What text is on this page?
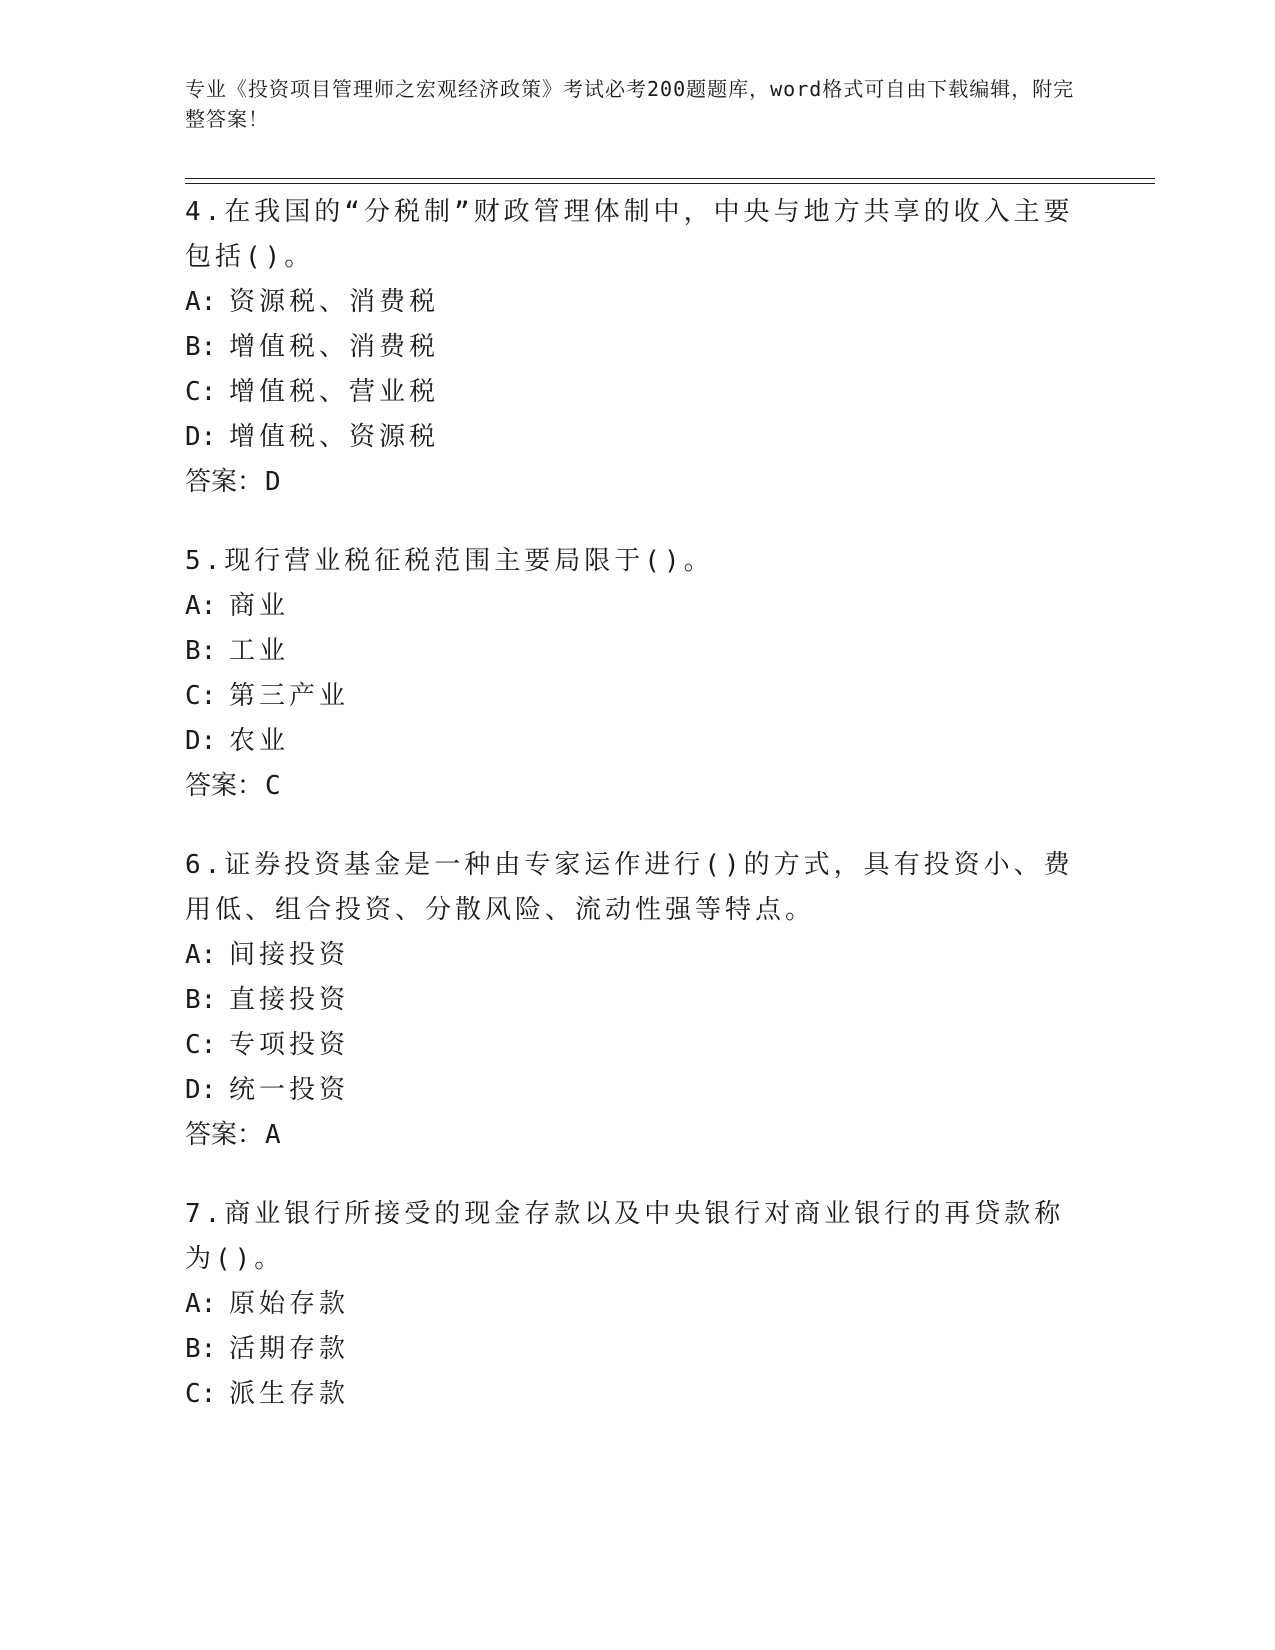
专业《投资项目管理师之宏观经济政策》考试必考200题题库，word格式可自由下载编辑，附完整答案！

4.在我国的“分税制”财政管理体制中，中央与地方共享的收入主要包括()。

A: 资源税、消费税

B: 增值税、消费税

C: 增值税、营业税

D: 增值税、资源税

答案：D

5.现行营业税征税范围主要局限于()。

A: 商业

B: 工业

C: 第三产业

D: 农业

答案：C

6.证券投资基金是一种由专家运作进行()的方式，具有投资小、费用低、组合投资、分散风险、流动性强等特点。

A: 间接投资

B: 直接投资

C: 专项投资

D: 统一投资

答案：A

7.商业银行所接受的现金存款以及中央银行对商业银行的再贷款称为()。

A: 原始存款

B: 活期存款

C: 派生存款
